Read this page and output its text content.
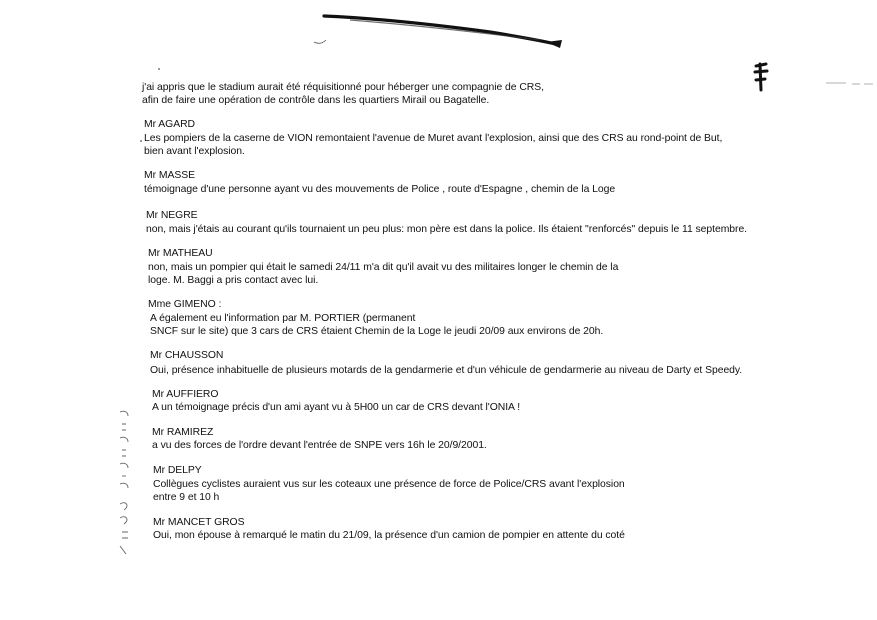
j'ai appris que le stadium aurait été réquisitionné pour héberger une compagnie de CRS,
afin de faire une opération de contrôle dans les quartiers Mirail ou Bagatelle.
Mr AGARD
Les pompiers de la caserne de VION remontaient l'avenue de Muret avant l'explosion, ainsi que des CRS au rond-point de But,
bien avant l'explosion.
Mr MASSE
témoignage d'une personne ayant vu des mouvements de Police , route d'Espagne , chemin de la Loge
Mr NEGRE
non, mais j'étais au courant qu'ils tournaient un peu plus: mon père est dans la police. Ils étaient "renforcés" depuis le 11 septembre.
Mr MATHEAU
non, mais un pompier qui était le samedi 24/11 m'a dit qu'il avait vu des militaires longer le chemin de la
loge. M. Baggi a pris contact avec lui.
Mme GIMENO :
A également eu l'information par M. PORTIER (permanent
SNCF sur le site) que 3 cars de CRS étaient Chemin de la Loge le jeudi 20/09 aux environs de 20h.
Mr CHAUSSON
Oui, présence inhabituelle de plusieurs motards de la gendarmerie et d'un véhicule de gendarmerie au niveau de Darty et Speedy.
Mr AUFFIERO
A un témoignage précis d'un ami ayant vu à 5H00 un car de CRS devant l'ONIA !
Mr RAMIREZ
a vu des forces de l'ordre devant l'entrée de SNPE vers 16h le 20/9/2001.
Mr DELPY
Collègues cyclistes auraient vus sur les coteaux une présence de force de Police/CRS avant l'explosion
entre 9 et 10 h
Mr MANCET GROS
Oui, mon épouse à remarqué le matin du 21/09, la présence d'un camion de pompier en attente du coté
